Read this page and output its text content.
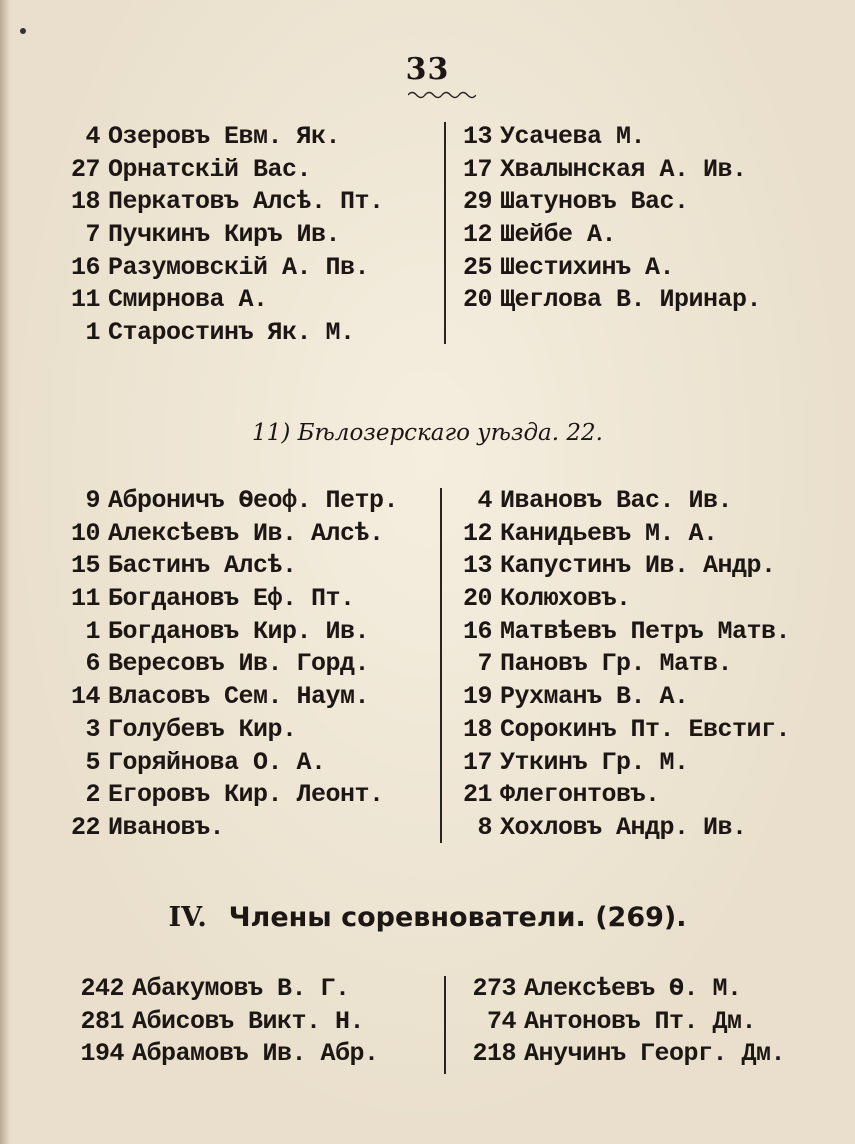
33
4 Озеровъ Евм. Як.
27 Орнатскій Вас.
18 Перкатовъ Алсѣ. Пт.
7 Пучкинъ Киръ Ив.
16 Разумовскій А. Пв.
11 Смирнова А.
1 Старостинъ Як. М.
13 Усачева М.
17 Хвалынская А. Ив.
29 Шатуновъ Вас.
12 Шейбе А.
25 Шестихинъ А.
20 Щеглова В. Иринар.
11) Бѣлозерскаго уѣзда. 22.
9 Аброничъ Ѳеоф. Петр.
10 Алексѣевъ Ив. Алсѣ.
15 Бастинъ Алсѣ.
11 Богдановъ Еф. Пт.
1 Богдановъ Кир. Ив.
6 Вересовъ Ив. Горд.
14 Власовъ Сем. Наум.
3 Голубевъ Кир.
5 Горяйнова О. А.
2 Егоровъ Кир. Леонт.
22 Ивановъ.
4 Ивановъ Вас. Ив.
12 Канидьевъ М. А.
13 Капустинъ Ив. Андр.
20 Колюховъ.
16 Матвѣевъ Петръ Матв.
7 Пановъ Гр. Матв.
19 Рухманъ В. А.
18 Сорокинъ Пт. Евстиг.
17 Уткинъ Гр. М.
21 Флегонтовъ.
8 Хохловъ Андр. Ив.
IV. Члены соревнователи. (269).
242 Абакумовъ В. Г.
281 Абисовъ Викт. Н.
194 Абрамовъ Ив. Абр.
273 Алексѣевъ Ѳ. М.
74 Антоновъ Пт. Дм.
218 Анучинъ Георг. Дм.
